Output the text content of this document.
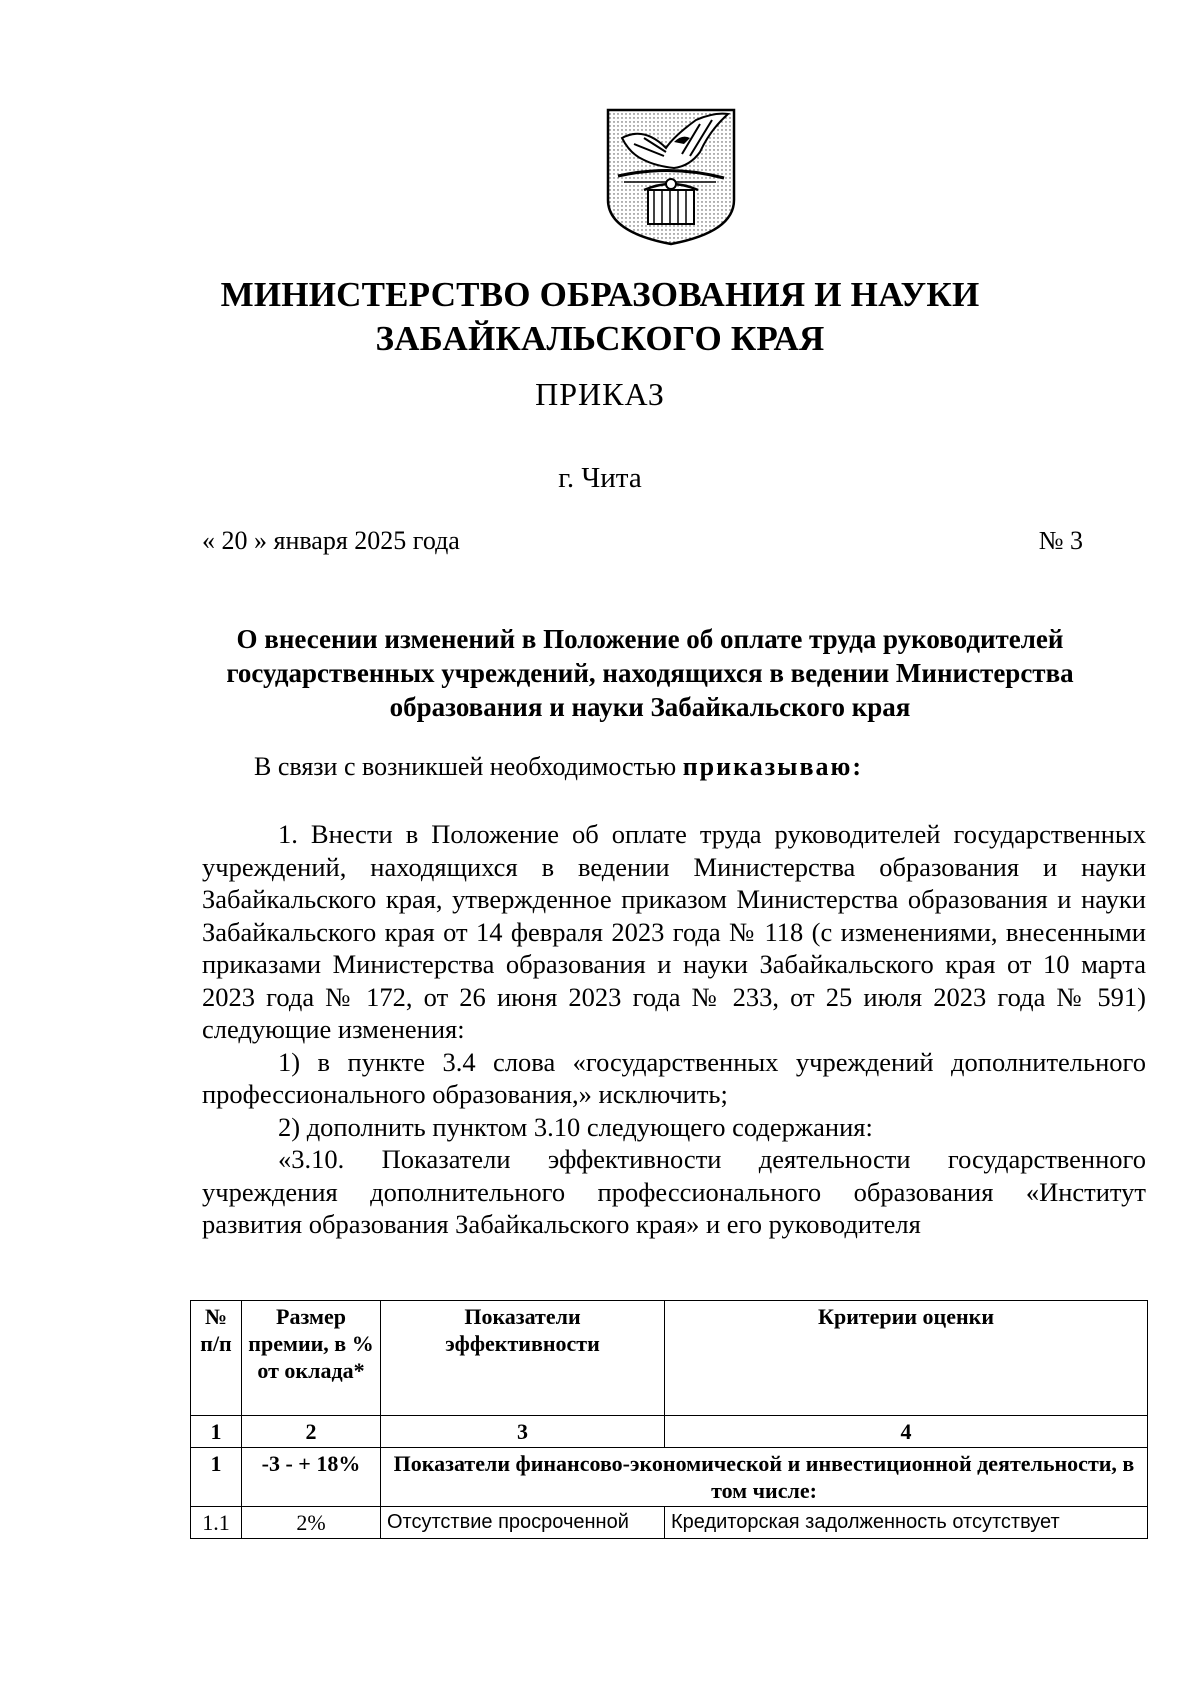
МИНИСТЕРСТВО ОБРАЗОВАНИЯ И НАУКИ
ЗАБАЙКАЛЬСКОГО КРАЯ
ПРИКАЗ
г. Чита
« 20 » января 2025 года	№ 3
О внесении изменений в Положение об оплате труда руководителей государственных учреждений, находящихся в ведении Министерства образования и науки Забайкальского края
В связи с возникшей необходимостью приказываю:

1. Внести в Положение об оплате труда руководителей государственных учреждений, находящихся в ведении Министерства образования и науки Забайкальского края, утвержденное приказом Министерства образования и науки Забайкальского края от 14 февраля 2023 года № 118 (с изменениями, внесенными приказами Министерства образования и науки Забайкальского края от 10 марта 2023 года № 172, от 26 июня 2023 года № 233, от 25 июля 2023 года № 591) следующие изменения:

1) в пункте 3.4 слова «государственных учреждений дополнительного профессионального образования,» исключить;

2) дополнить пунктом 3.10 следующего содержания:

«3.10. Показатели эффективности деятельности государственного учреждения дополнительного профессионального образования «Институт развития образования Забайкальского края» и его руководителя

№ п/п	Размер премии, в % от оклада*	Показатели эффективности	Критерии оценки
1	2	3	4
1	-3 - + 18%	Показатели финансово-экономической и инвестиционной деятельности, в том числе:	
1.1	2%	Отсутствие просроченной	Кредиторская задолженность отсутствует
